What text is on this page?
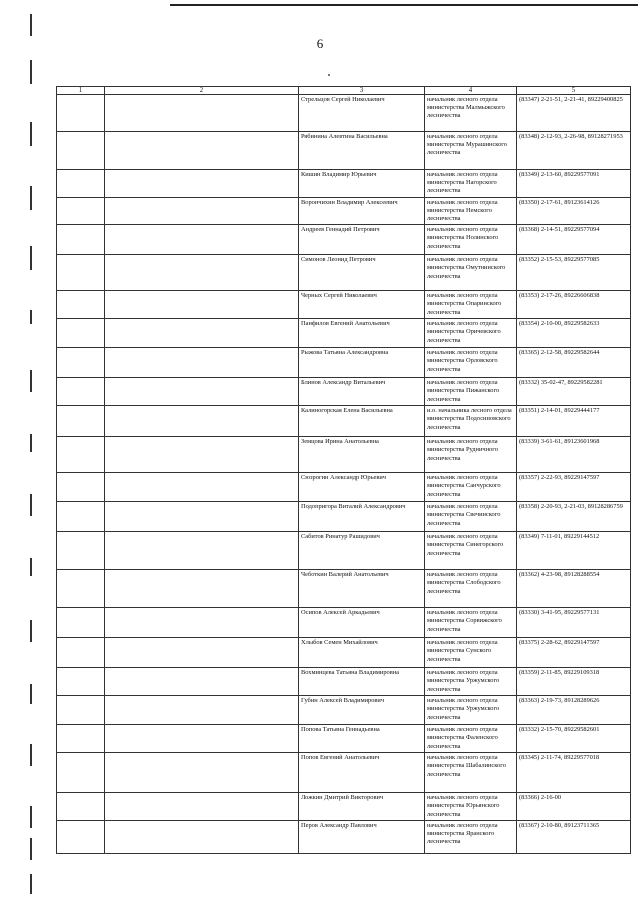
6
1	2	3	4	5
		Стрельцов Сергей Николаевич	начальник лесного отдела министерства Малмыжского лесничества	(83347) 2-21-51, 2-21-41, 89229400825
		Рябинина Алевтина Васильевна	начальник лесного отдела министерства Мурашинского лесничества	(83348) 2-12-93, 2-26-98, 89128271953
		Кишин Владимир Юрьевич	начальник лесного отдела министерства Нагорского лесничества	(83349) 2-13-60, 89229577091
		Ворончихин Владимир Алексеевич	начальник лесного отдела министерства Немского лесничества	(83350) 2-17-61, 89123614126
		Андреев Геннадий Петрович	начальник лесного отдела министерства Нолинского лесничества	(83368) 2-14-51, 89229577094
		Симонов Леонид Петрович	начальник лесного отдела министерства Омутнинского лесничества	(83352) 2-15-53, 89229577085
		Черных Сергей Николаевич	начальник лесного отдела министерства Опаринского лесничества	(83353) 2-17-26, 89226606838
		Панфилов Евгений Анатольевич	начальник лесного отдела министерства Оричевского лесничества	(83354) 2-10-00, 89229582633
		Рыжова Татьяна Александровна	начальник лесного отдела министерства Орловского лесничества	(83365) 2-12-58, 89229582644
		Блинов Александр Витальевич	начальник лесного отдела министерства Пижанского лесничества	(83332) 35-02-47, 89229582281
		Калиногорская Елена Васильевна	и.о. начальника лесного отдела министерства Подосиновского лесничества	(83351) 2-14-01, 89229444177
		Земцова Ирина Анатольевна	начальник лесного отдела министерства Рудничного лесничества	(83339) 3-61-61, 89123601968
		Сюзрогин Александр Юрьевич	начальник лесного отдела министерства Санчурского лесничества	(83357) 2-22-93, 89229147597
		Подопригора Виталий Александрович	начальник лесного отдела министерства Свечинского лесничества	(83358) 2-20-93, 2-21-03, 89128286759
		Сабитов Ринатур Рашидович	начальник лесного отдела министерства Синегорского лесничества	(83349) 7-11-01, 89229144512
		Чеботкин Валерий Анатольевич	начальник лесного отдела министерства Слободского лесничества	(83362) 4-23-98, 89128288554
		Осипов Алексей Аркадьевич	начальник лесного отдела министерства Сорвижского лесничества	(83330) 3-41-95, 89229577131
		Хлыбов Семен Михайлович	начальник лесного отдела министерства Сунского лесничества	(83375) 2-28-62, 89229147597
		Вохминцева Татьяна Владимировна	начальник лесного отдела министерства Уржумского лесничества	(83359) 2-11-85, 89229109318
		Губин Алексей Владимирович	начальник лесного отдела министерства Уржумского лесничества	(83363) 2-19-73, 89128289626
		Попова Татьяна Геннадьевна	начальник лесного отдела министерства Фаленского лесничества	(83332) 2-15-70, 89229582601
		Попов Евгений Анатольевич	начальник лесного отдела министерства Шабалинского лесничества	(83345) 2-11-74, 89229577018
		Ложкин Дмитрий Викторович	начальник лесного отдела министерства Юрьянского лесничества	(83366) 2-16-00
		Перов Александр Павлович	начальник лесного отдела министерства Яранского лесничества	(83367) 2-10-80, 89123711365
